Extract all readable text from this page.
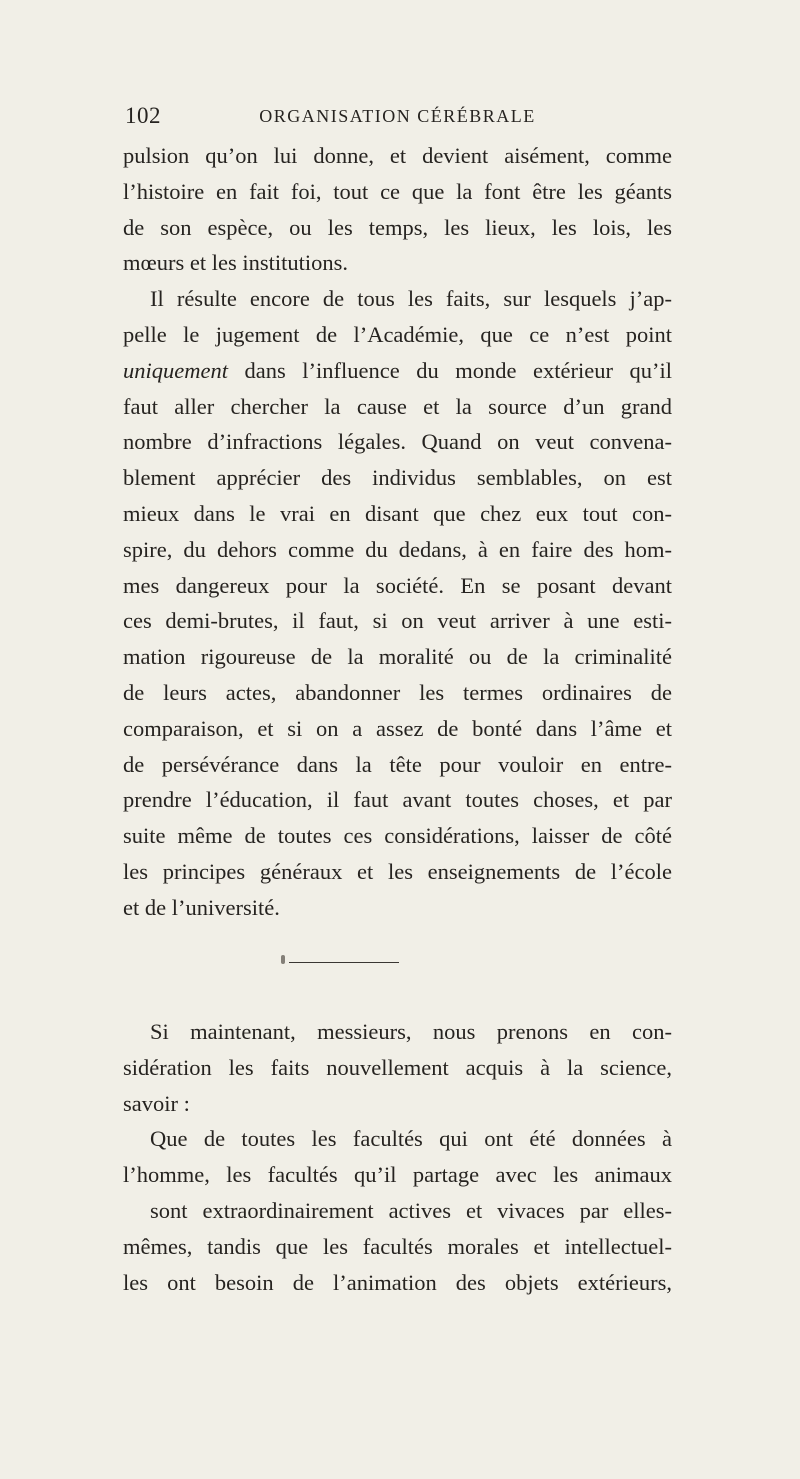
102	ORGANISATION CÉRÉBRALE
pulsion qu’on lui donne, et devient aisément, comme
l’histoire en fait foi, tout ce que la font être les géants
de son espèce, ou les temps, les lieux, les lois, les
mœurs et les institutions.
Il résulte encore de tous les faits, sur lesquels j’ap-
pelle le jugement de l’Académie, que ce n’est point
uniquement dans l’influence du monde extérieur qu’il
faut aller chercher la cause et la source d’un grand
nombre d’infractions légales. Quand on veut convena-
blement apprécier des individus semblables, on est
mieux dans le vrai en disant que chez eux tout con-
spire, du dehors comme du dedans, à en faire des hom-
mes dangereux pour la société. En se posant devant
ces demi-brutes, il faut, si on veut arriver à une esti-
mation rigoureuse de la moralité ou de la criminalité
de leurs actes, abandonner les termes ordinaires de
comparaison, et si on a assez de bonté dans l’âme et
de persévérance dans la tête pour vouloir en entre-
prendre l’éducation, il faut avant toutes choses, et par
suite même de toutes ces considérations, laisser de côté
les principes généraux et les enseignements de l’école
et de l’université.
Si maintenant, messieurs, nous prenons en con-
sidération les faits nouvellement acquis à la science,
savoir :
Que de toutes les facultés qui ont été données à
l’homme, les facultés qu’il partage avec les animaux
sont extraordinairement actives et vivaces par elles-
mêmes, tandis que les facultés morales et intellectuel-
les ont besoin de l’animation des objets extérieurs,
